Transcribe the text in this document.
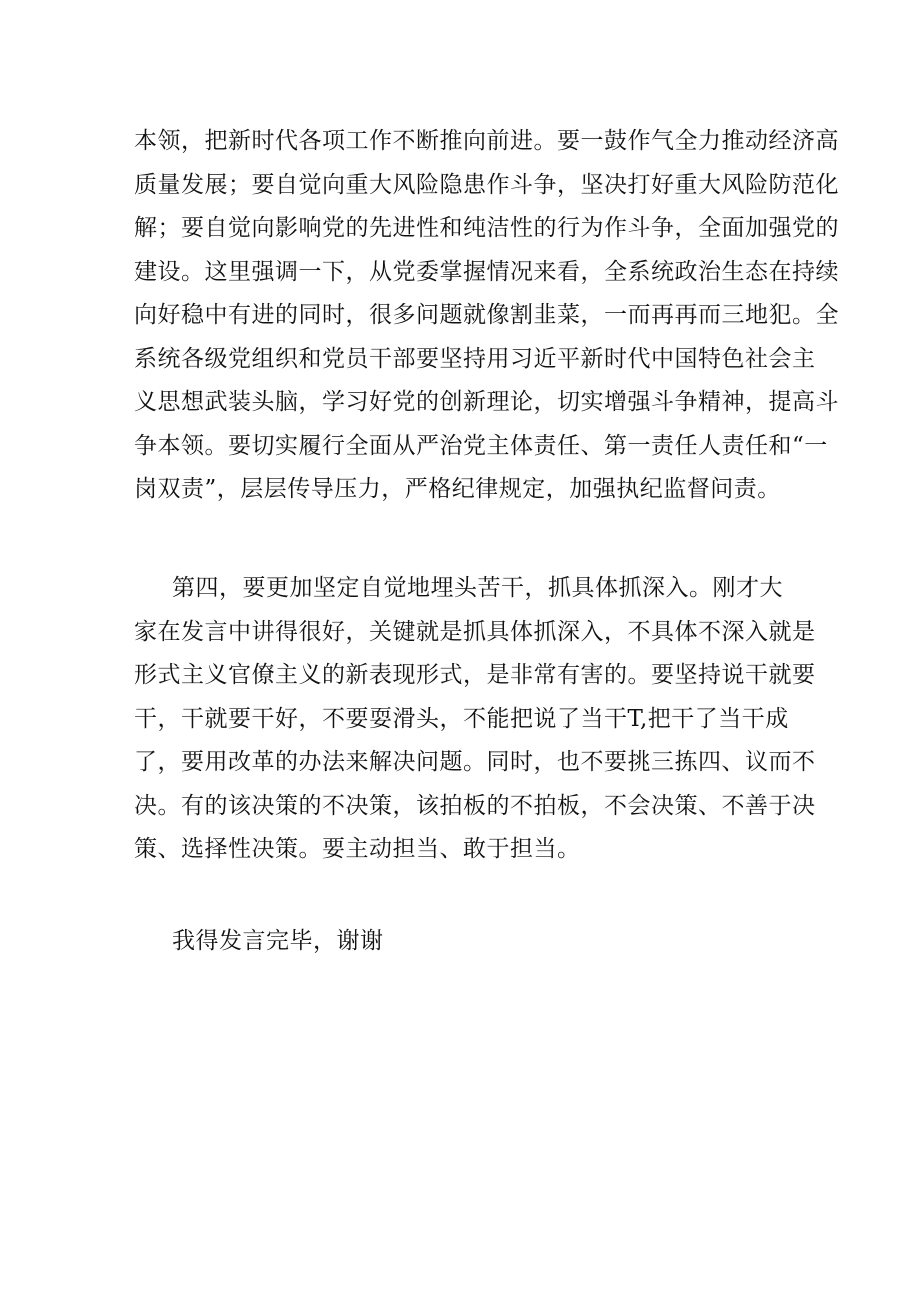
本领，把新时代各项工作不断推向前进。要一鼓作气全力推动经济高
质量发展；要自觉向重大风险隐患作斗争，坚决打好重大风险防范化
解；要自觉向影响党的先进性和纯洁性的行为作斗争，全面加强党的
建设。这里强调一下，从党委掌握情况来看，全系统政治生态在持续
向好稳中有进的同时，很多问题就像割韭菜，一而再再而三地犯。全
系统各级党组织和党员干部要坚持用习近平新时代中国特色社会主
义思想武装头脑，学习好党的创新理论，切实增强斗争精神，提高斗
争本领。要切实履行全面从严治党主体责任、第一责任人责任和“一
岗双责”，层层传导压力，严格纪律规定，加强执纪监督问责。
第四，要更加坚定自觉地埋头苦干，抓具体抓深入。刚才大
家在发言中讲得很好，关键就是抓具体抓深入，不具体不深入就是
形式主义官僚主义的新表现形式，是非常有害的。要坚持说干就要
干，干就要干好，不要耍滑头，不能把说了当干T,把干了当干成
了，要用改革的办法来解决问题。同时，也不要挑三拣四、议而不
决。有的该决策的不决策，该拍板的不拍板，不会决策、不善于决
策、选择性决策。要主动担当、敢于担当。
我得发言完毕，谢谢
